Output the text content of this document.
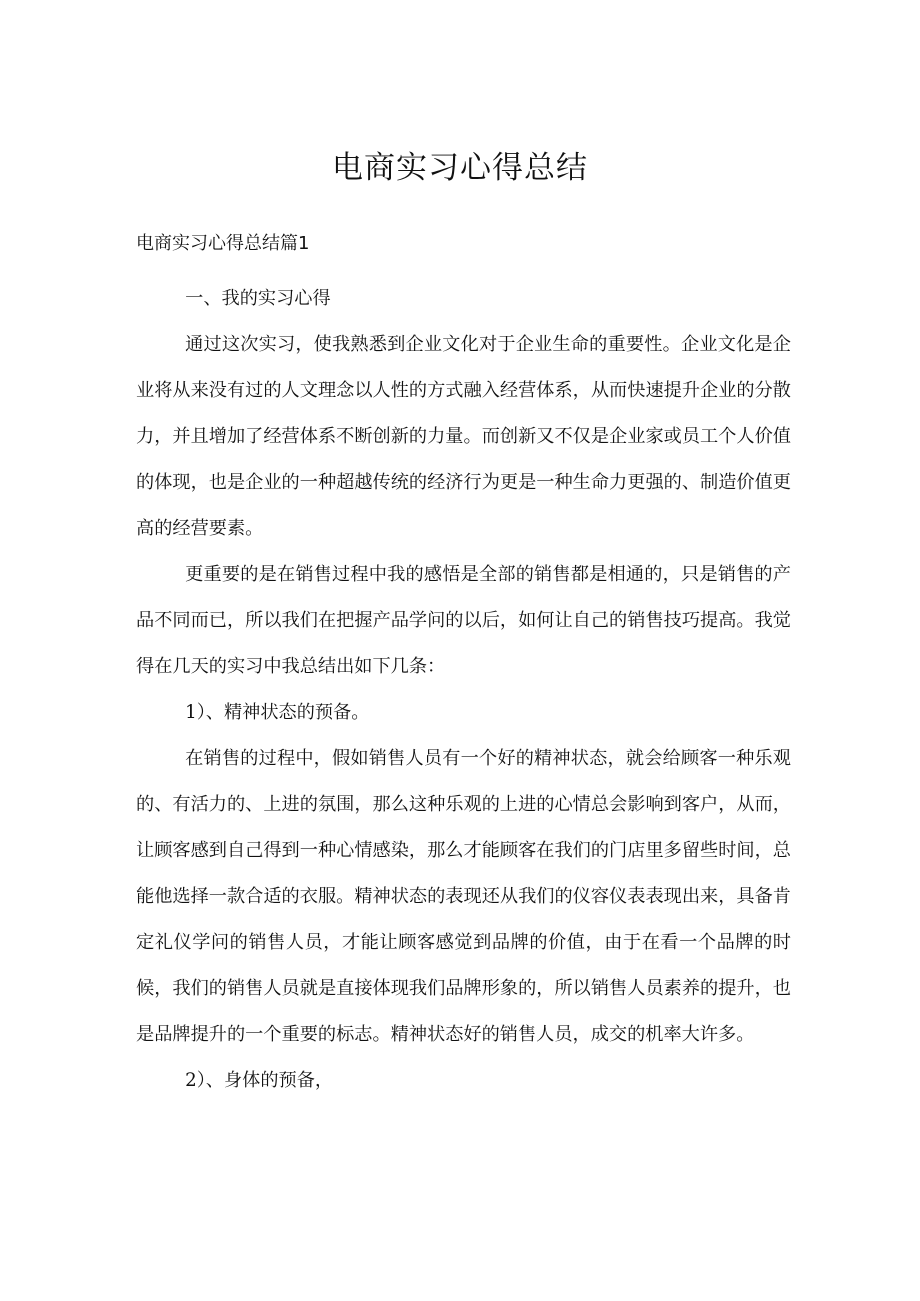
电商实习心得总结

电商实习心得总结篇1

一、我的实习心得

通过这次实习，使我熟悉到企业文化对于企业生命的重要性。企业文化是企业将从来没有过的人文理念以人性的方式融入经营体系，从而快速提升企业的分散力，并且增加了经营体系不断创新的力量。而创新又不仅是企业家或员工个人价值的体现，也是企业的一种超越传统的经济行为更是一种生命力更强的、制造价值更高的经营要素。

更重要的是在销售过程中我的感悟是全部的销售都是相通的，只是销售的产品不同而已，所以我们在把握产品学问的以后，如何让自己的销售技巧提高。我觉得在几天的实习中我总结出如下几条：

1）、精神状态的预备。

在销售的过程中，假如销售人员有一个好的精神状态，就会给顾客一种乐观的、有活力的、上进的氛围，那么这种乐观的上进的心情总会影响到客户，从而，让顾客感到自己得到一种心情感染，那么才能顾客在我们的门店里多留些时间，总能他选择一款合适的衣服。精神状态的表现还从我们的仪容仪表表现出来，具备肯定礼仪学问的销售人员，才能让顾客感觉到品牌的价值，由于在看一个品牌的时候，我们的销售人员就是直接体现我们品牌形象的，所以销售人员素养的提升，也是品牌提升的一个重要的标志。精神状态好的销售人员，成交的机率大许多。

2）、身体的预备，
